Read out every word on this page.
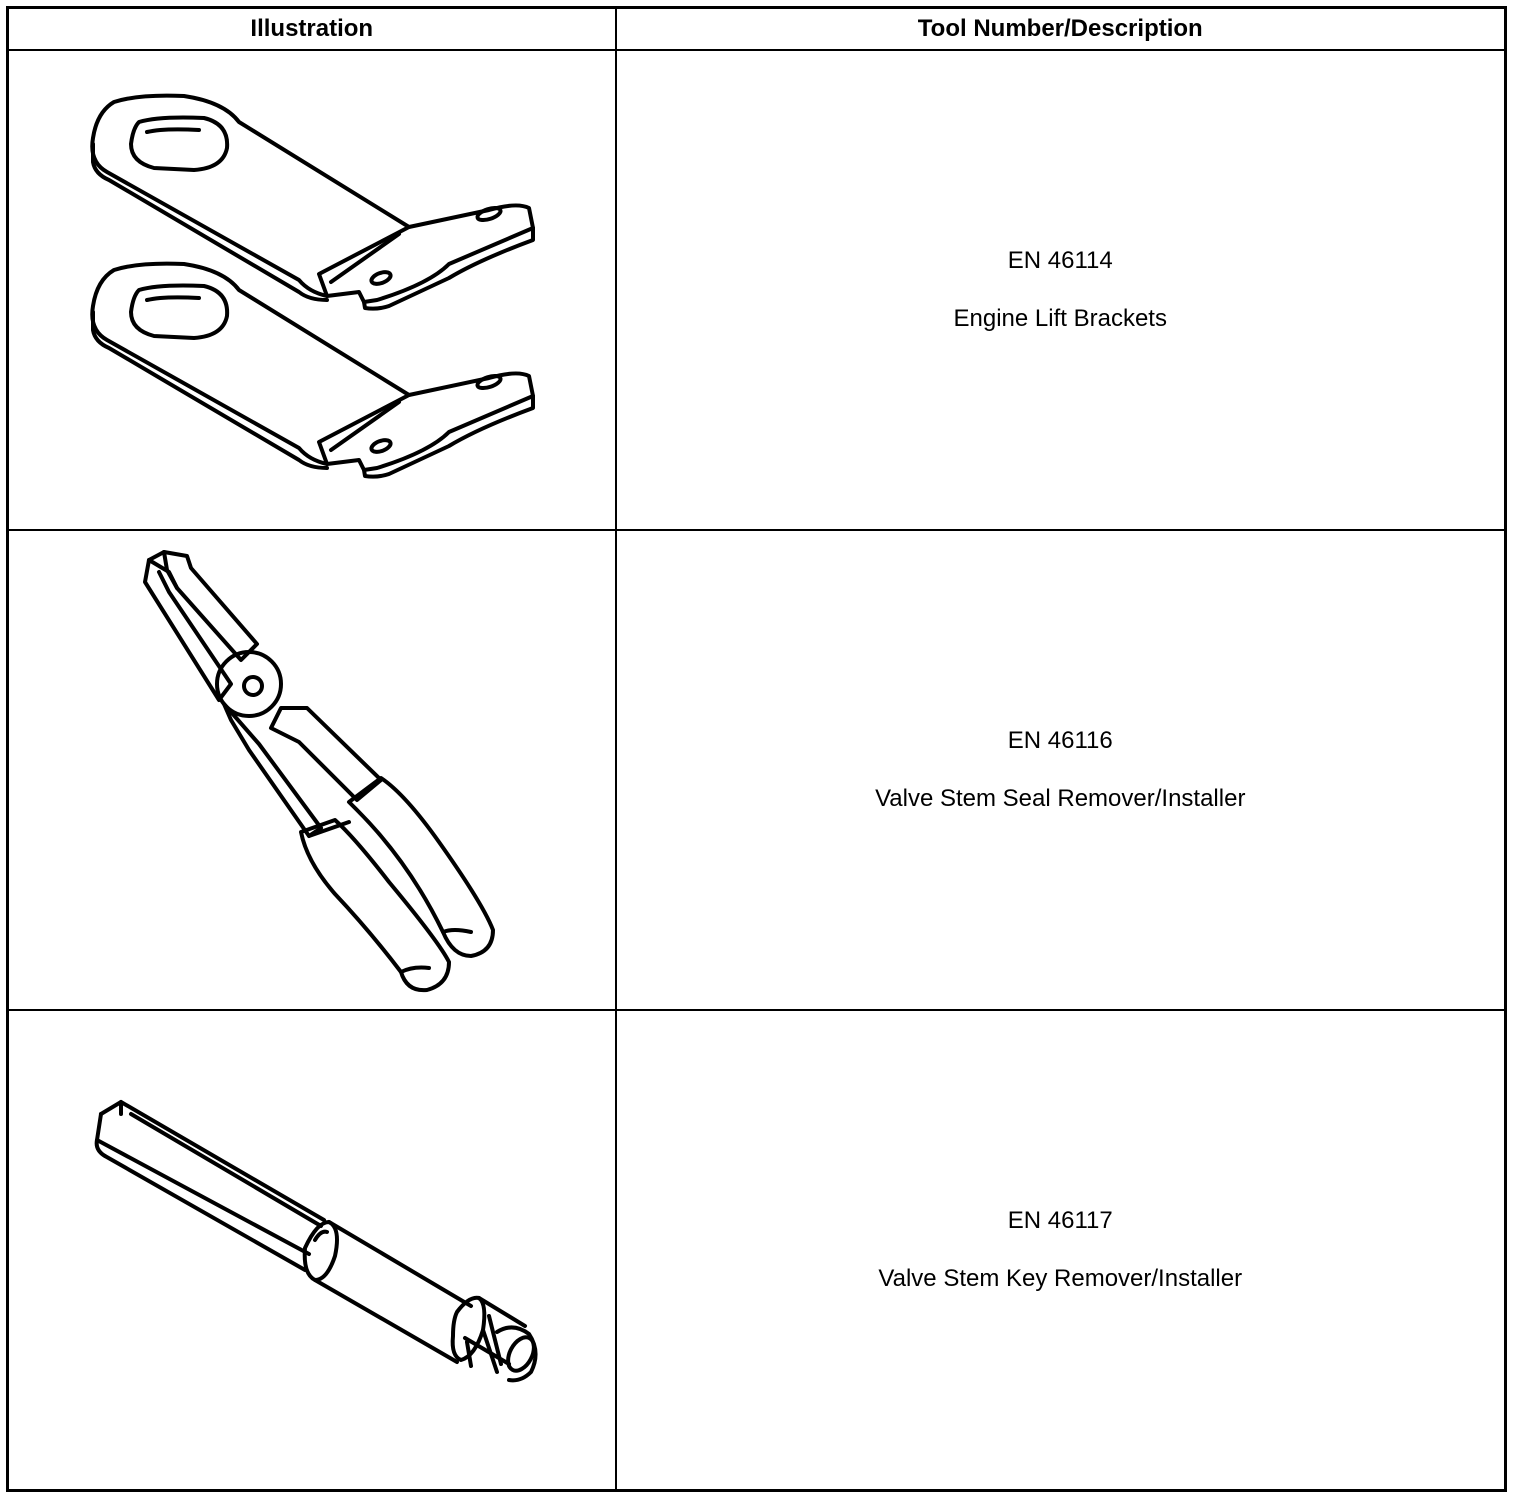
Illustration	Tool Number/Description

EN 46114
Engine Lift Brackets

EN 46116
Valve Stem Seal Remover/Installer

EN 46117
Valve Stem Key Remover/Installer
